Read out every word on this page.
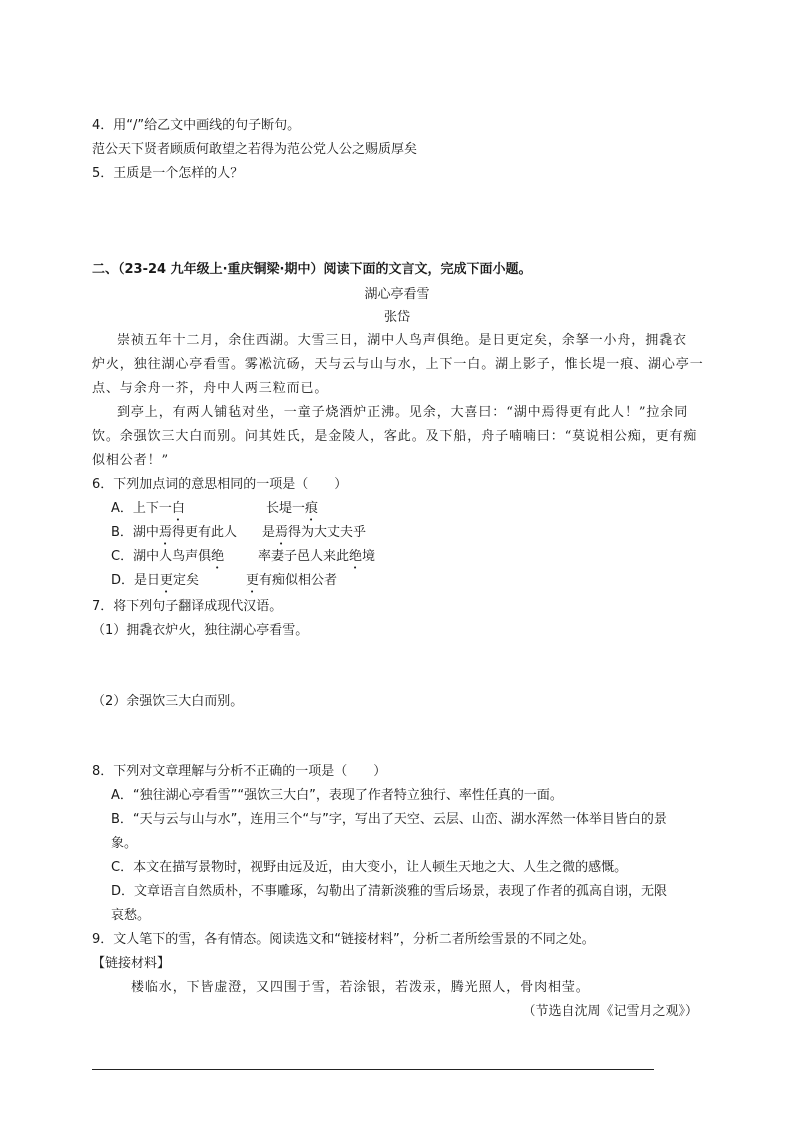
4．用“/”给乙文中画线的句子断句。
范公天下贤者顾质何敢望之若得为范公党人公之赐质厚矣
5．王质是一个怎样的人？
二、（23-24 九年级上·重庆铜梁·期中）阅读下面的文言文，完成下面小题。
湖心亭看雪
张岱
崇祯五年十二月，余住西湖。大雪三日，湖中人鸟声俱绝。是日更定矣，余拏一小舟，拥毳衣
炉火，独往湖心亭看雪。雾凇沆砀，天与云与山与水，上下一白。湖上影子，惟长堤一痕、湖心亭一
点、与余舟一芥，舟中人两三粒而已。
到亭上，有两人铺毡对坐，一童子烧酒炉正沸。见余，大喜曰：“湖中焉得更有此人！”拉余同
饮。余强饮三大白而别。问其姓氏，是金陵人，客此。及下船，舟子喃喃曰：“莫说相公痴，更有痴
似相公者！”
6．下列加点词的意思相同的一项是（　　）
A．上下一白	长堤一痕
B．湖中焉得更有此人 是焉得为大丈夫乎
C．湖中人鸟声俱绝	率妻子邑人来此绝境
D．是日更定矣	更有痴似相公者
7．将下列句子翻译成现代汉语。
（1）拥毳衣炉火，独往湖心亭看雪。
（2）余强饮三大白而别。
8．下列对文章理解与分析不正确的一项是（　　）
A．“独往湖心亭看雪”“强饮三大白”，表现了作者特立独行、率性任真的一面。
B．“天与云与山与水”，连用三个“与”字，写出了天空、云层、山峦、湖水浑然一体举目皆白的景
象。
C．本文在描写景物时，视野由远及近，由大变小，让人顿生天地之大、人生之微的感慨。
D．文章语言自然质朴，不事雕琢，勾勒出了清新淡雅的雪后场景，表现了作者的孤高自诩，无限
哀愁。
9．文人笔下的雪，各有情态。阅读选文和“链接材料”，分析二者所绘雪景的不同之处。
【链接材料】
楼临水，下皆虚澄，又四围于雪，若涂银，若泼汞，腾光照人，骨肉相莹。
（节选自沈周《记雪月之观》）
